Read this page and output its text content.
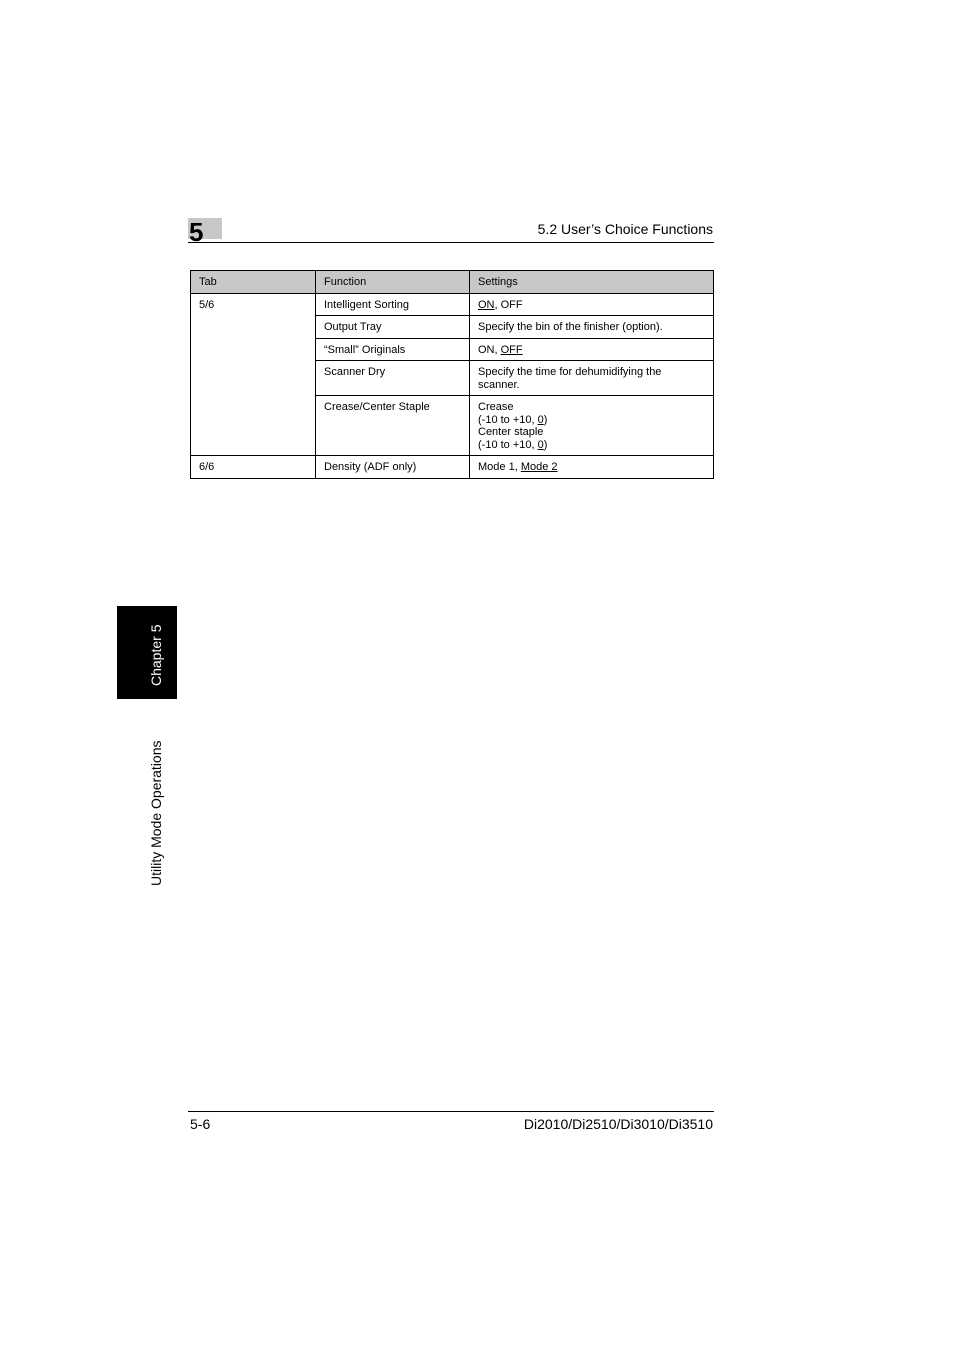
5	5.2 User’s Choice Functions
Tab	Function	Settings
5/6	Intelligent Sorting	ON, OFF
	Output Tray	Specify the bin of the finisher (option).
	“Small” Originals	ON, OFF
	Scanner Dry	Specify the time for dehumidifying the scanner.
	Crease/Center Staple	Crease
(-10 to +10, 0)
Center staple
(-10 to +10, 0)
6/6	Density (ADF only)	Mode 1, Mode 2
Chapter 5
Utility Mode Operations
5-6	Di2010/Di2510/Di3010/Di3510
